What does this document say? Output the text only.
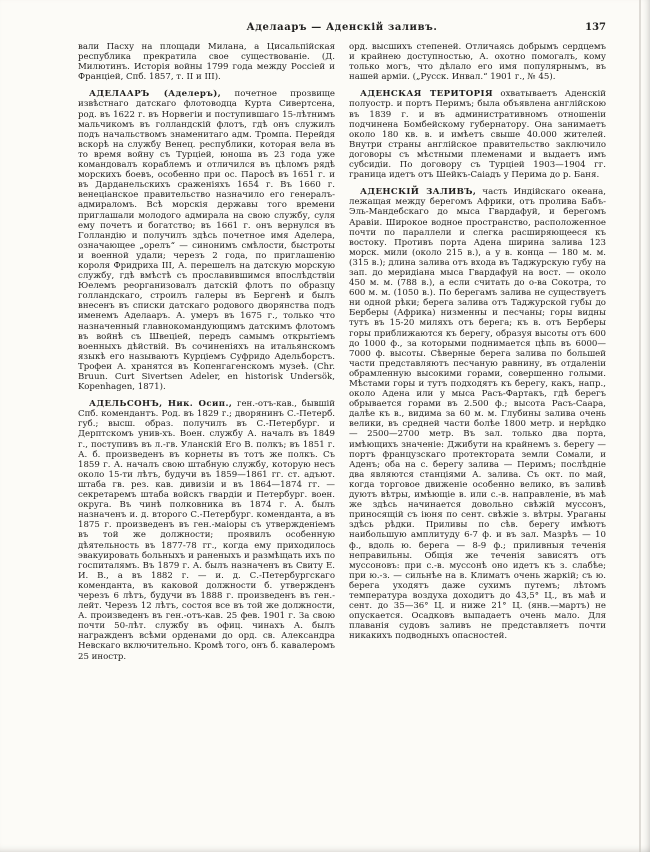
Аделааръ — Аденскій заливъ.	137

вали Пасху на площади Милана, а Цисальпійская республика прекратила свое существованіе. (Д. Милютинъ. Исторія войны 1799 года между Россіей и Франціей, Спб. 1857, т. II и III).

АДЕЛААРЪ (Аделеръ), почетное прозвище извѣстнаго датскаго флотоводца Курта Сивертсена, род. въ 1622 г. въ Норвегіи и поступившаго 15-лѣтнимъ мальчикомъ въ голландскій флотъ, гдѣ онъ служилъ подъ начальствомъ знаменитаго адм. Тромпа. Перейдя вскорѣ на службу Венец. республики, которая вела въ то время войну съ Турціей, юноша въ 23 года уже командовалъ кораблемъ и отличился въ цѣломъ рядѣ морскихъ боевъ, особенно при ос. Паросѣ въ 1651 г. и въ Дарданельскихъ сраженіяхъ 1654 г. Въ 1660 г. венеціанское правительство назначило его генералъ-адмираломъ. Всѣ морскія державы того времени приглашали молодого адмирала на свою службу, суля ему почетъ и богатство; въ 1661 г. онъ вернулся въ Голландію и получилъ здѣсь почетное имя Аделера, означающее „орелъ“ — синонимъ смѣлости, быстроты и военной удали; черезъ 2 года, по приглашенію короля Фридриха III, А. перешелъ на датскую морскую службу, гдѣ вмѣстѣ съ прославившимся впослѣдствіи Юелемъ реорганизовалъ датскій флотъ по образцу голландскаго, строилъ галеры въ Бергенѣ и былъ внесенъ въ списки датскаго родового дворянства подъ именемъ Аделааръ. А. умеръ въ 1675 г., только что назначенный главнокомандующимъ датскимъ флотомъ въ войнѣ съ Швеціей, передъ самымъ открытіемъ военныхъ дѣйствій. Въ сочиненіяхъ на итальянскомъ языкѣ его называютъ Курціемъ Суфридо Адельборстъ. Трофеи А. хранятся въ Копенгагенскомъ музеѣ. (Chr. Bruun. Curt Sivertsen Adeler, en historisk Undersök, Kopenhagen, 1871).

АДЕЛЬСОНЪ, Ник. Осип., ген.-отъ-кав., бывшій Спб. комендантъ. Род. въ 1829 г.; дворянинъ С.-Петерб. губ.; высш. образ. получилъ въ С.-Петербург. и Дерптскомъ унив-хъ. Воен. службу А. началъ въ 1849 г., поступивъ въ л.-гв. Уланскій Его В. полкъ; въ 1851 г. А. б. произведенъ въ корнеты въ тотъ же полкъ. Съ 1859 г. А. началъ свою штабную службу, которую несъ около 15-ти лѣтъ, будучи въ 1859—1861 гг. ст. адъют. штаба гв. рез. кав. дивизіи и въ 1864—1874 гг. — секретаремъ штаба войскъ гвардіи и Петербург. воен. округа. Въ чинѣ полковника въ 1874 г. А. былъ назначенъ и. д. второго С.-Петербург. коменданта, а въ 1875 г. произведенъ въ ген.-маіоры съ утвержденіемъ въ той же должности; проявилъ особенную дѣятельность въ 1877-78 гг., когда ему приходилось эвакуировать больныхъ и раненыхъ и размѣщать ихъ по госпиталямъ. Въ 1879 г. А. былъ назначенъ въ Свиту Е. И. В., а въ 1882 г. — и. д. С.-Петербургскаго коменданта, въ каковой должности б. утвержденъ черезъ 6 лѣтъ, будучи въ 1888 г. произведенъ въ ген.-лейт. Черезъ 12 лѣтъ, состоя все въ той же должности, А. произведенъ въ ген.-отъ-кав. 25 фев. 1901 г. За свою почти 50-лѣт. службу въ офиц. чинахъ А. былъ награжденъ всѣми орденами до орд. св. Александра Невскаго включительно. Кромѣ того, онъ б. кавалеромъ 25 иностр.

орд. высшихъ степеней. Отличаясь добрымъ сердцемъ и крайнею доступностью, А. охотно помогалъ, кому только могъ, что дѣлало его имя популярнымъ, въ нашей арміи. („Русск. Инвал.“ 1901 г., № 45).

АДЕНСКАЯ ТЕРИТОРІЯ охватываетъ Аденскій полуостр. и портъ Перимъ; была объявлена англійскою въ 1839 г. и въ административномъ отношеніи подчинена Бомбейскому губернатору. Она занимаетъ около 180 кв. в. и имѣетъ свыше 40.000 жителей. Внутри страны англійское правительство заключило договоры съ мѣстными племенами и выдаетъ имъ субсидіи. По договору съ Турціей 1903—1904 гг. граница идетъ отъ Шейкъ-Саіадъ у Перима до р. Баня.

АДЕНСКІЙ ЗАЛИВЪ, часть Индійскаго океана, лежащая между берегомъ Африки, отъ пролива Бабъ-Эль-Мандебскаго до мыса Гвардафуй, и берегомъ Аравіи. Широкое водное пространство, расположенное почти по параллели и слегка расширяющееся къ востоку. Противъ порта Адена ширина залива 123 морск. мили (около 215 в.), а у в. конца — 180 м. м. (315 в.); длина залива отъ входа въ Таджурскую губу на зап. до меридіана мыса Гвардафуй на вост. — около 450 м. м. (788 в.), а если считать до о-ва Сокотра, то 600 м. м. (1050 в.). По берегамъ залива не существуетъ ни одной рѣки; берега залива отъ Таджурской губы до Берберы (Африка) низменны и песчаны; горы видны тутъ въ 15-20 миляхъ отъ берега; къ в. отъ Берберы горы приближаются къ берегу, образуя высоты отъ 600 до 1000 ф., за которыми поднимается цѣпь въ 6000—7000 ф. высоты. Сѣверные берега залива по большей части представляютъ песчаную равнину, въ отдаленіи обрамленную высокими горами, совершенно голыми. Мѣстами горы и тутъ подходятъ къ берегу, какъ, напр., около Адена или у мыса Расъ-Фартакъ, гдѣ берегъ обрывается горами въ 2.500 ф.; высота Расъ-Саара, далѣе къ в., видима за 60 м. м. Глубины залива очень велики, въ средней части болѣе 1800 метр. и нерѣдко — 2500—2700 метр. Въ зал. только два порта, имѣющихъ значеніе: Джибути на крайнемъ з. берегу — портъ французскаго протектората земли Сомали, и Аденъ; оба на с. берегу залива — Перимъ; послѣдніе два являются станціями А. залива. Съ окт. по май, когда торговое движеніе особенно велико, въ заливѣ дуютъ вѣтры, имѣющіе в. или с.-в. направленіе, въ маѣ же здѣсь начинается довольно свѣжій муссонъ, приносящій съ іюня по сент. свѣжіе з. вѣтры. Ураганы здѣсь рѣдки. Приливы по сѣв. берегу имѣютъ наибольшую амплитуду 6-7 ф. и въ зал. Мазрѣъ — 10 ф., вдоль ю. берега — 8-9 ф.; приливныя теченія неправильны. Общія же теченія зависятъ отъ муссоновъ: при с.-в. муссонѣ оно идетъ къ з. слабѣе; при ю.-з. — сильнѣе на в. Климатъ очень жаркій; съ ю. берега уходятъ даже сухимъ путемъ; лѣтомъ температура воздуха доходитъ до 43,5° Ц., въ маѣ и сент. до 35—36° Ц. и ниже 21° Ц. (янв.—мартъ) не опускается. Осадковъ выпадаетъ очень мало. Для плаванія судовъ заливъ не представляетъ почти никакихъ подводныхъ опасностей.
